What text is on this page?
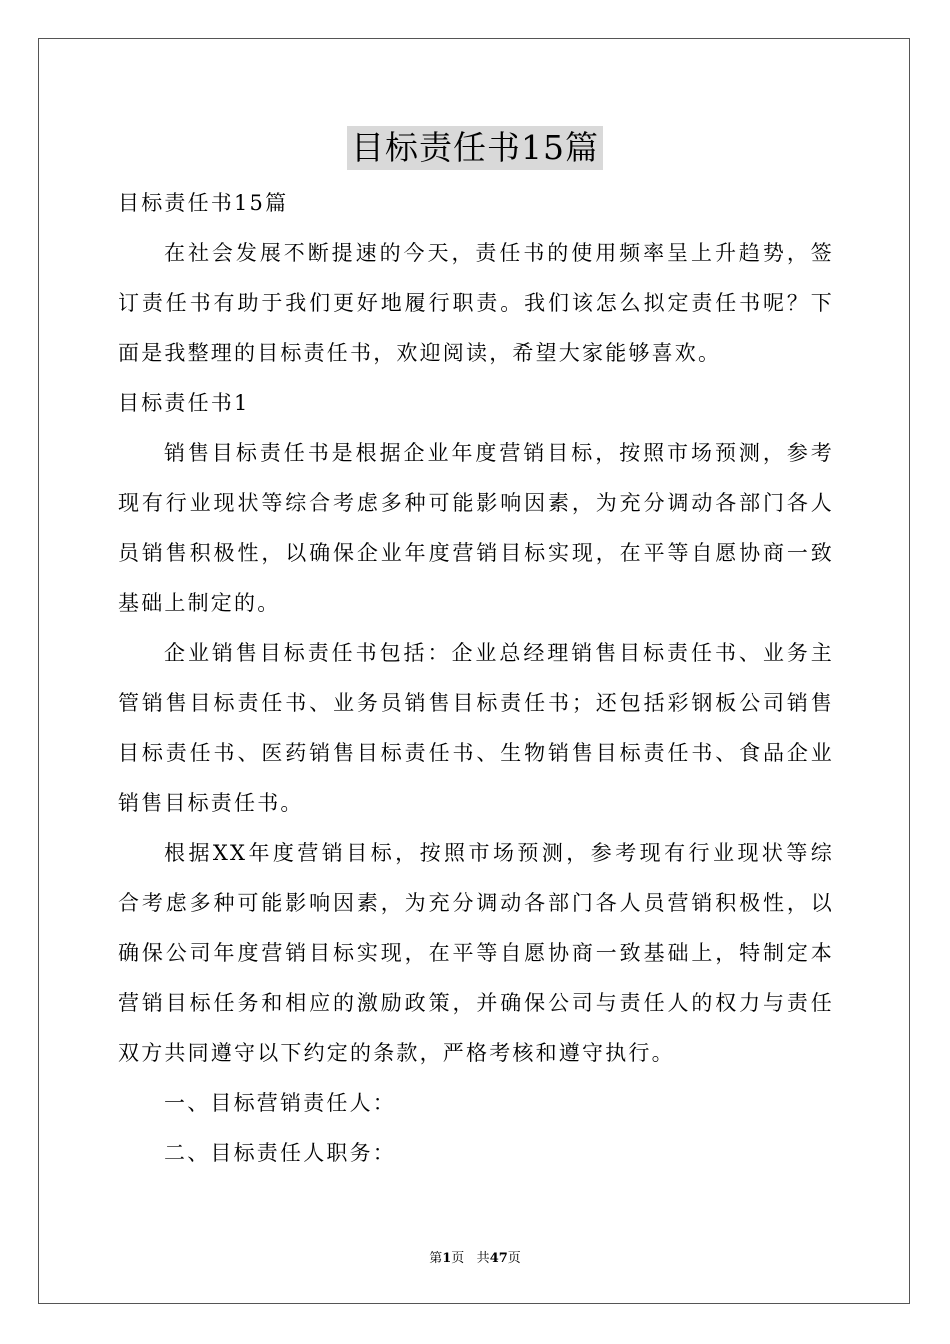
目标责任书15篇
目标责任书15篇
在社会发展不断提速的今天，责任书的使用频率呈上升趋势，签
订责任书有助于我们更好地履行职责。我们该怎么拟定责任书呢？下
面是我整理的目标责任书，欢迎阅读，希望大家能够喜欢。
目标责任书1
销售目标责任书是根据企业年度营销目标，按照市场预测，参考
现有行业现状等综合考虑多种可能影响因素，为充分调动各部门各人
员销售积极性，以确保企业年度营销目标实现，在平等自愿协商一致
基础上制定的。
企业销售目标责任书包括：企业总经理销售目标责任书、业务主
管销售目标责任书、业务员销售目标责任书；还包括彩钢板公司销售
目标责任书、医药销售目标责任书、生物销售目标责任书、食品企业
销售目标责任书。
根据XX年度营销目标，按照市场预测，参考现有行业现状等综
合考虑多种可能影响因素，为充分调动各部门各人员营销积极性，以
确保公司年度营销目标实现，在平等自愿协商一致基础上，特制定本
营销目标任务和相应的激励政策，并确保公司与责任人的权力与责任
双方共同遵守以下约定的条款，严格考核和遵守执行。
一、目标营销责任人：
二、目标责任人职务：
第1页 共47页
